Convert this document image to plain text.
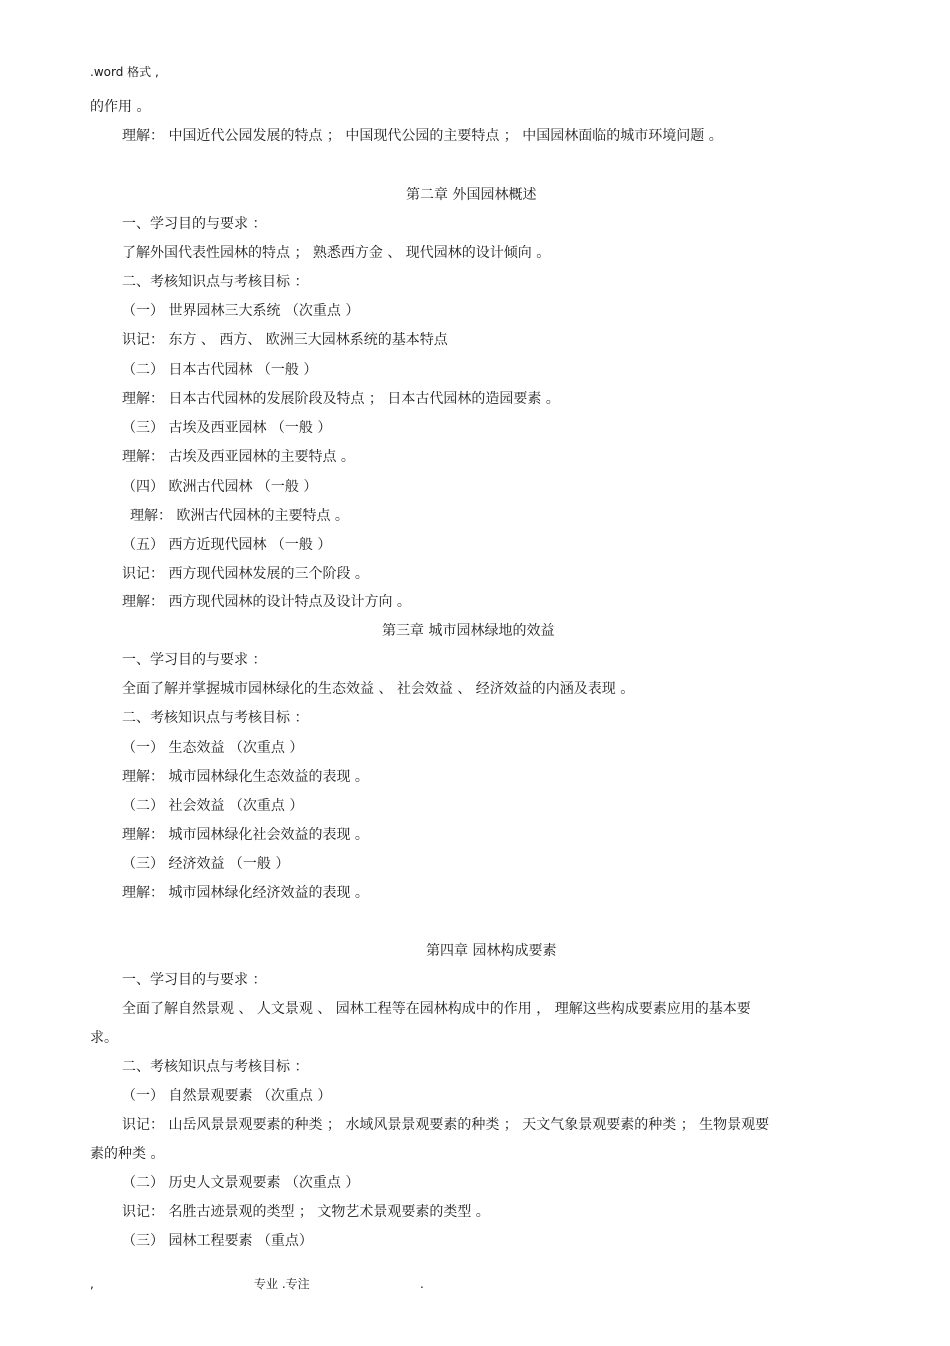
.word 格式 ,
的作用 。
理解： 中国近代公园发展的特点 ； 中国现代公园的主要特点 ； 中国园林面临的城市环境问题 。
第二章 外国园林概述
一、学习目的与要求 ：
了解外国代表性园林的特点 ； 熟悉西方金 、 现代园林的设计倾向 。
二、考核知识点与考核目标 ：
（一） 世界园林三大系统 （次重点 ）
识记： 东方 、 西方、 欧洲三大园林系统的基本特点
（二） 日本古代园林 （一般 ）
理解： 日本古代园林的发展阶段及特点 ； 日本古代园林的造园要素 。
（三） 古埃及西亚园林 （一般 ）
理解： 古埃及西亚园林的主要特点 。
（四） 欧洲古代园林 （一般 ）
理解： 欧洲古代园林的主要特点 。
（五） 西方近现代园林 （一般 ）
识记： 西方现代园林发展的三个阶段 。
理解： 西方现代园林的设计特点及设计方向 。
第三章 城市园林绿地的效益
一、学习目的与要求 ：
全面了解并掌握城市园林绿化的生态效益 、 社会效益 、 经济效益的内涵及表现 。
二、考核知识点与考核目标 ：
（一） 生态效益 （次重点 ）
理解： 城市园林绿化生态效益的表现 。
（二） 社会效益 （次重点 ）
理解： 城市园林绿化社会效益的表现 。
（三） 经济效益 （一般 ）
理解： 城市园林绿化经济效益的表现 。
第四章 园林构成要素
一、学习目的与要求 ：
全面了解自然景观 、 人文景观 、 园林工程等在园林构成中的作用 ， 理解这些构成要素应用的基本要
求。
二、考核知识点与考核目标 ：
（一） 自然景观要素 （次重点 ）
识记： 山岳风景景观要素的种类 ； 水域风景景观要素的种类 ； 天文气象景观要素的种类 ； 生物景观要
素的种类 。
（二） 历史人文景观要素 （次重点 ）
识记： 名胜古迹景观的类型 ； 文物艺术景观要素的类型 。
（三） 园林工程要素 （重点）
,	专业 .专注	.
